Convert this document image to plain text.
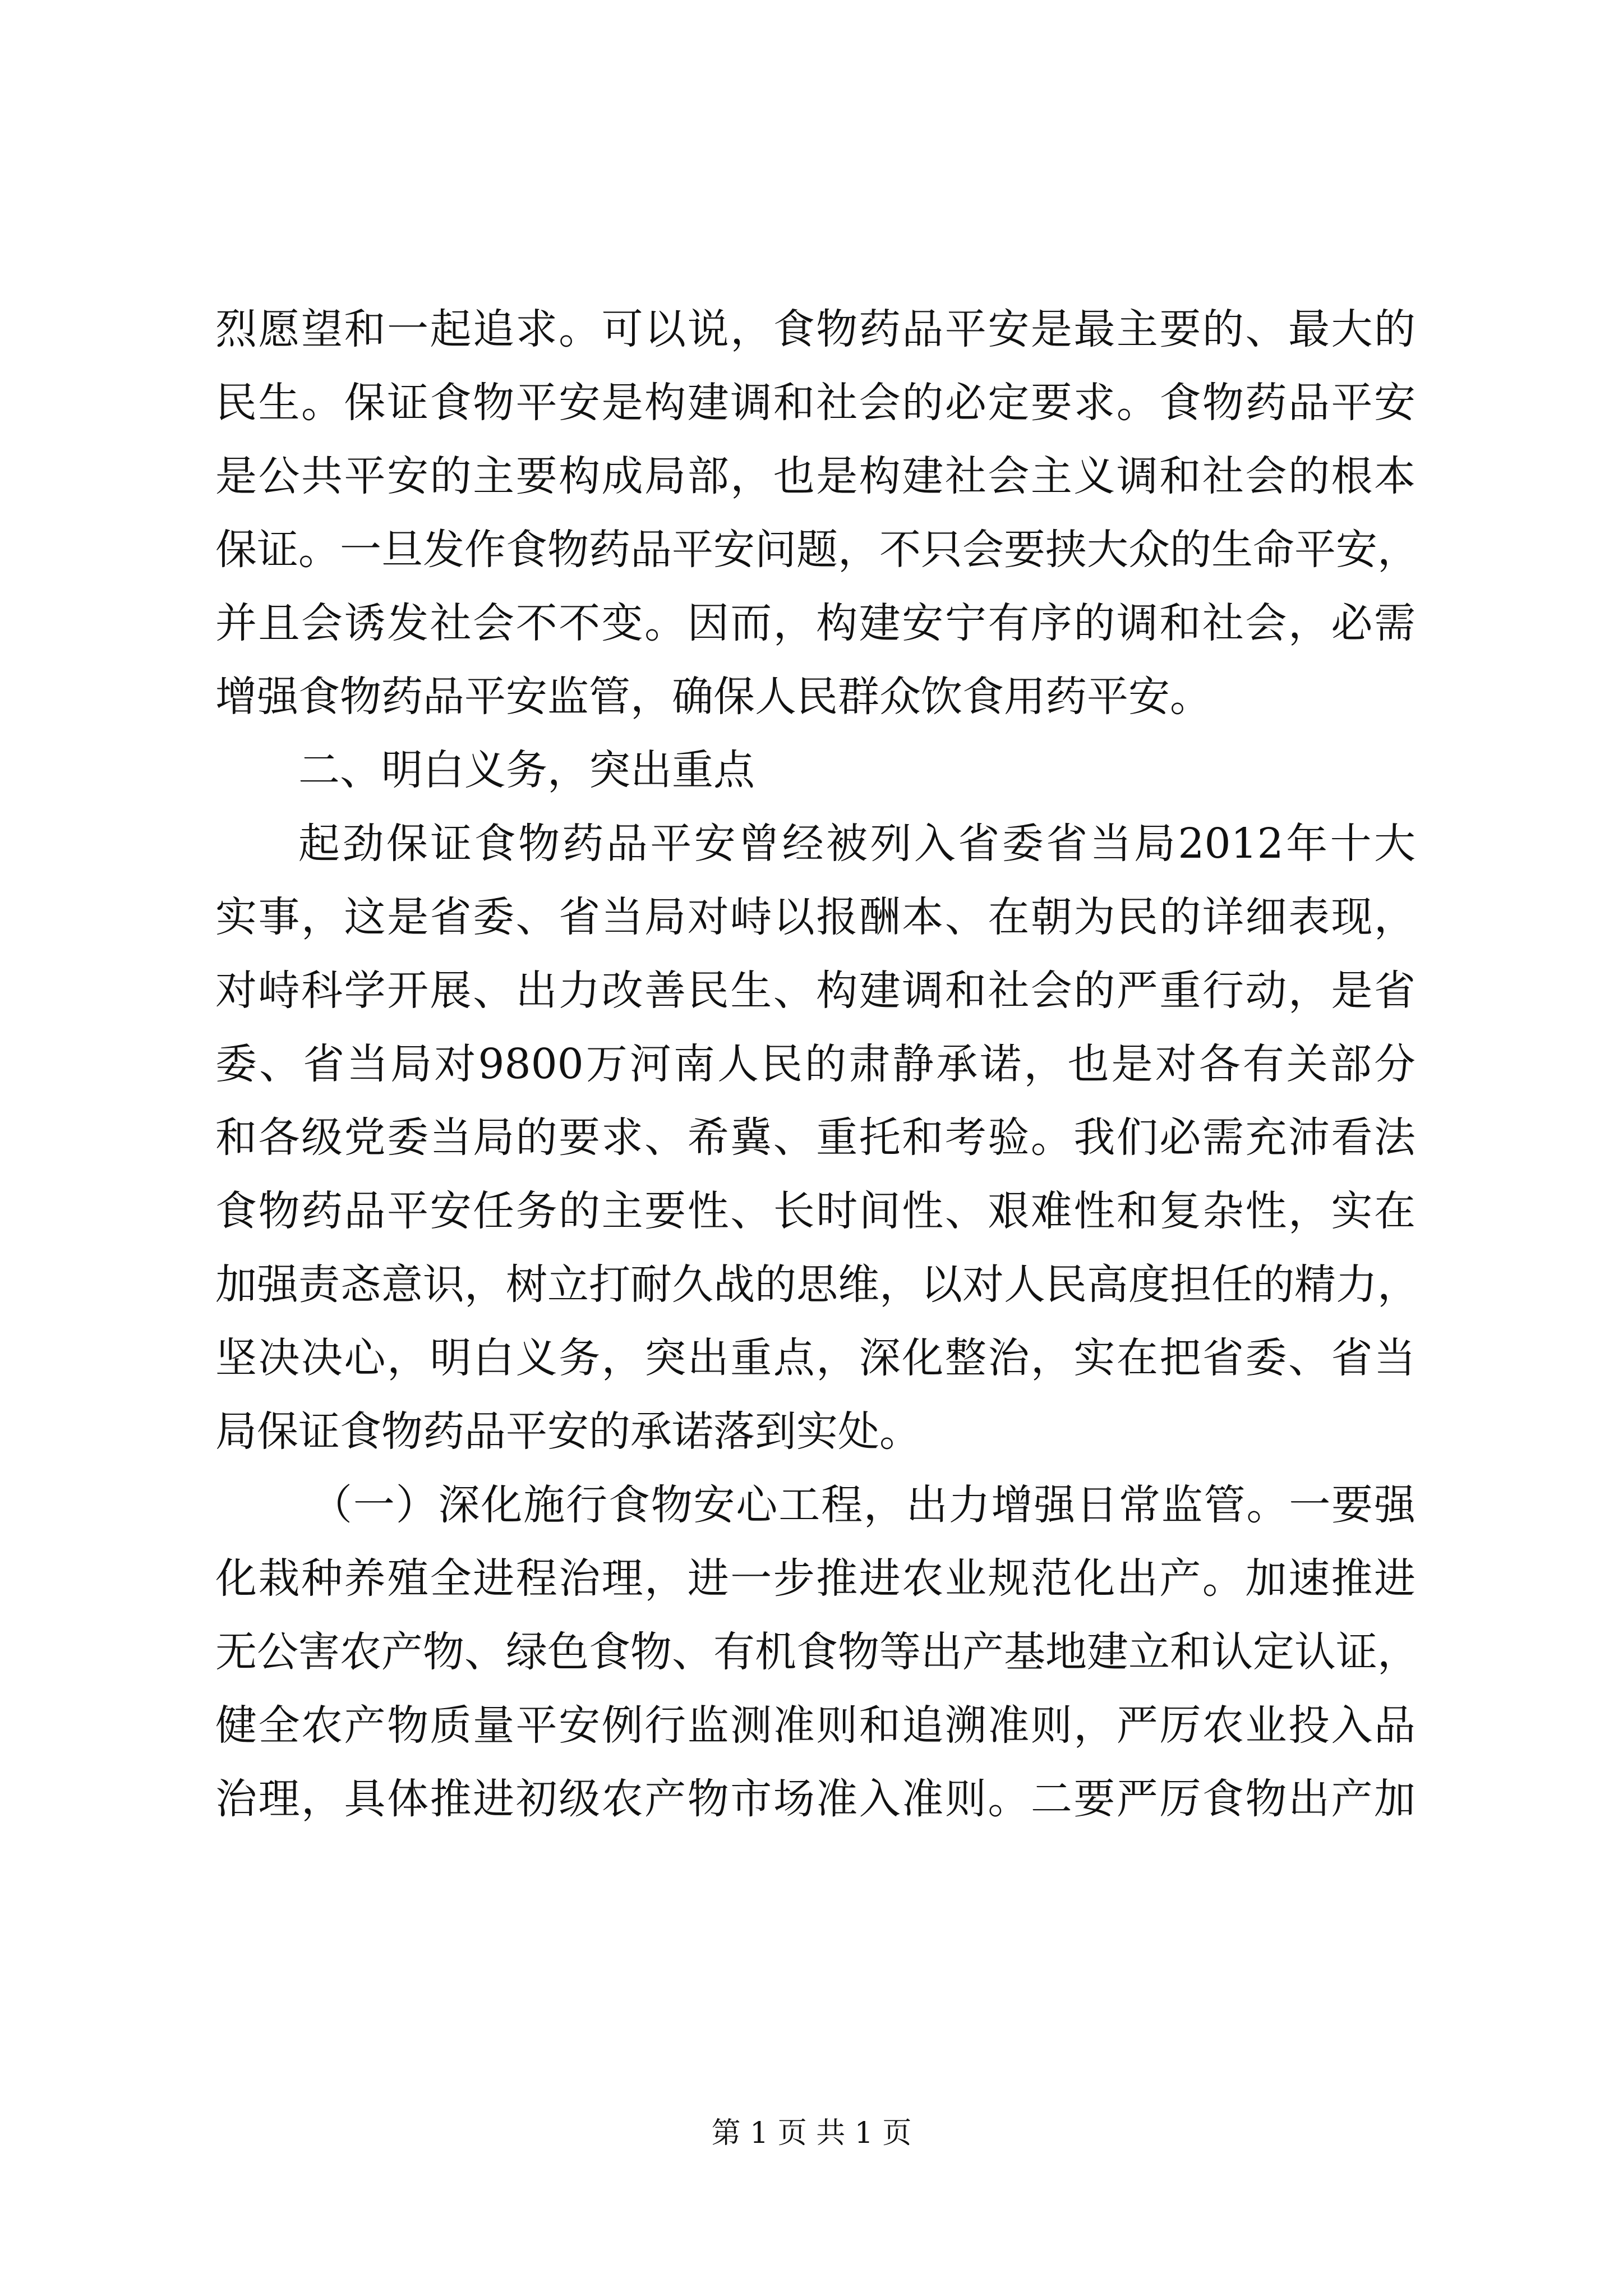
烈愿望和一起追求。可以说，食物药品平安是最主要的、最大的
民生。保证食物平安是构建调和社会的必定要求。食物药品平安
是公共平安的主要构成局部，也是构建社会主义调和社会的根本
保证。一旦发作食物药品平安问题，不只会要挟大众的生命平安，
并且会诱发社会不不变。因而，构建安宁有序的调和社会，必需
增强食物药品平安监管，确保人民群众饮食用药平安。
二、明白义务，突出重点
起劲保证食物药品平安曾经被列入省委省当局2012年十大
实事，这是省委、省当局对峙以报酬本、在朝为民的详细表现，
对峙科学开展、出力改善民生、构建调和社会的严重行动，是省
委、省当局对9800万河南人民的肃静承诺，也是对各有关部分
和各级党委当局的要求、希冀、重托和考验。我们必需充沛看法
食物药品平安任务的主要性、长时间性、艰难性和复杂性，实在
加强责忞意识，树立打耐久战的思维，以对人民高度担任的精力，
坚决决心，明白义务，突出重点，深化整治，实在把省委、省当
局保证食物药品平安的承诺落到实处。
（一）深化施行食物安心工程，出力增强日常监管。一要强
化栽种养殖全进程治理，进一步推进农业规范化出产。加速推进
无公害农产物、绿色食物、有机食物等出产基地建立和认定认证，
健全农产物质量平安例行监测准则和追溯准则，严厉农业投入品
治理，具体推进初级农产物市场准入准则。二要严厉食物出产加
第 1 页 共 1 页
